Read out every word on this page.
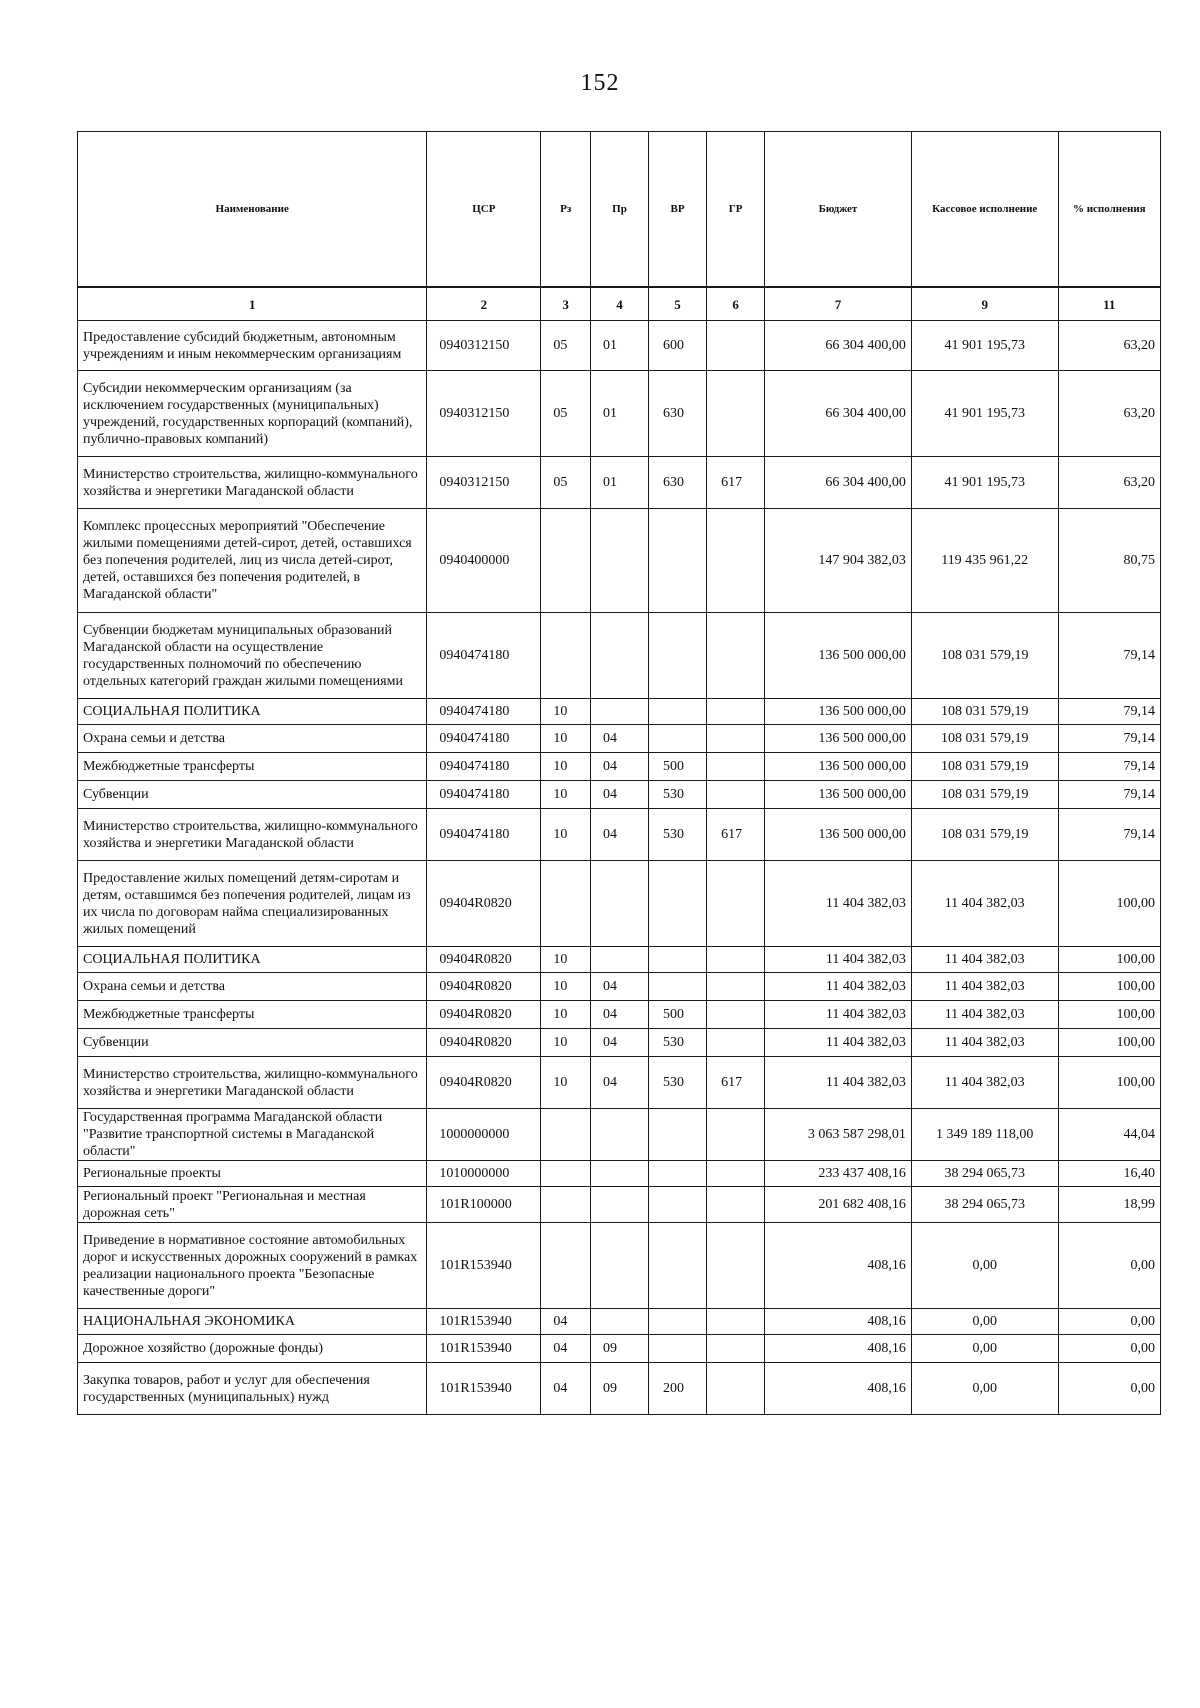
152
Наименование	ЦСР	Рз	Пр	ВР	ГР	Бюджет	Кассовое исполнение	% исполнения
1	2	3	4	5	6	7	9	11
Предоставление субсидий бюджетным, автономным учреждениям и иным некоммерческим организациям	0940312150	05	01	600		66 304 400,00	41 901 195,73	63,20
Субсидии некоммерческим организациям (за исключением государственных (муниципальных) учреждений, государственных корпораций (компаний), публично-правовых компаний)	0940312150	05	01	630		66 304 400,00	41 901 195,73	63,20
Министерство строительства, жилищно-коммунального хозяйства и энергетики Магаданской области	0940312150	05	01	630	617	66 304 400,00	41 901 195,73	63,20
Комплекс процессных мероприятий "Обеспечение жилыми помещениями детей-сирот, детей, оставшихся без попечения родителей, лиц из числа детей-сирот, детей, оставшихся без попечения родителей, в Магаданской области"	0940400000					147 904 382,03	119 435 961,22	80,75
Субвенции бюджетам муниципальных образований Магаданской области на осуществление государственных полномочий по обеспечению отдельных категорий граждан жилыми помещениями	0940474180					136 500 000,00	108 031 579,19	79,14
СОЦИАЛЬНАЯ ПОЛИТИКА	0940474180	10				136 500 000,00	108 031 579,19	79,14
Охрана семьи и детства	0940474180	10	04			136 500 000,00	108 031 579,19	79,14
Межбюджетные трансферты	0940474180	10	04	500		136 500 000,00	108 031 579,19	79,14
Субвенции	0940474180	10	04	530		136 500 000,00	108 031 579,19	79,14
Министерство строительства, жилищно-коммунального хозяйства и энергетики Магаданской области	0940474180	10	04	530	617	136 500 000,00	108 031 579,19	79,14
Предоставление жилых помещений детям-сиротам и детям, оставшимся без попечения родителей, лицам из их числа по договорам найма специализированных жилых помещений	09404R0820					11 404 382,03	11 404 382,03	100,00
СОЦИАЛЬНАЯ ПОЛИТИКА	09404R0820	10				11 404 382,03	11 404 382,03	100,00
Охрана семьи и детства	09404R0820	10	04			11 404 382,03	11 404 382,03	100,00
Межбюджетные трансферты	09404R0820	10	04	500		11 404 382,03	11 404 382,03	100,00
Субвенции	09404R0820	10	04	530		11 404 382,03	11 404 382,03	100,00
Министерство строительства, жилищно-коммунального хозяйства и энергетики Магаданской области	09404R0820	10	04	530	617	11 404 382,03	11 404 382,03	100,00
Государственная программа Магаданской области "Развитие транспортной системы в Магаданской области"	1000000000					3 063 587 298,01	1 349 189 118,00	44,04
Региональные проекты	1010000000					233 437 408,16	38 294 065,73	16,40
Региональный проект "Региональная и местная дорожная сеть"	101R100000					201 682 408,16	38 294 065,73	18,99
Приведение в нормативное состояние автомобильных дорог и искусственных дорожных сооружений в рамках реализации национального проекта "Безопасные качественные дороги"	101R153940					408,16	0,00	0,00
НАЦИОНАЛЬНАЯ ЭКОНОМИКА	101R153940	04				408,16	0,00	0,00
Дорожное хозяйство (дорожные фонды)	101R153940	04	09			408,16	0,00	0,00
Закупка товаров, работ и услуг для обеспечения государственных (муниципальных) нужд	101R153940	04	09	200		408,16	0,00	0,00
